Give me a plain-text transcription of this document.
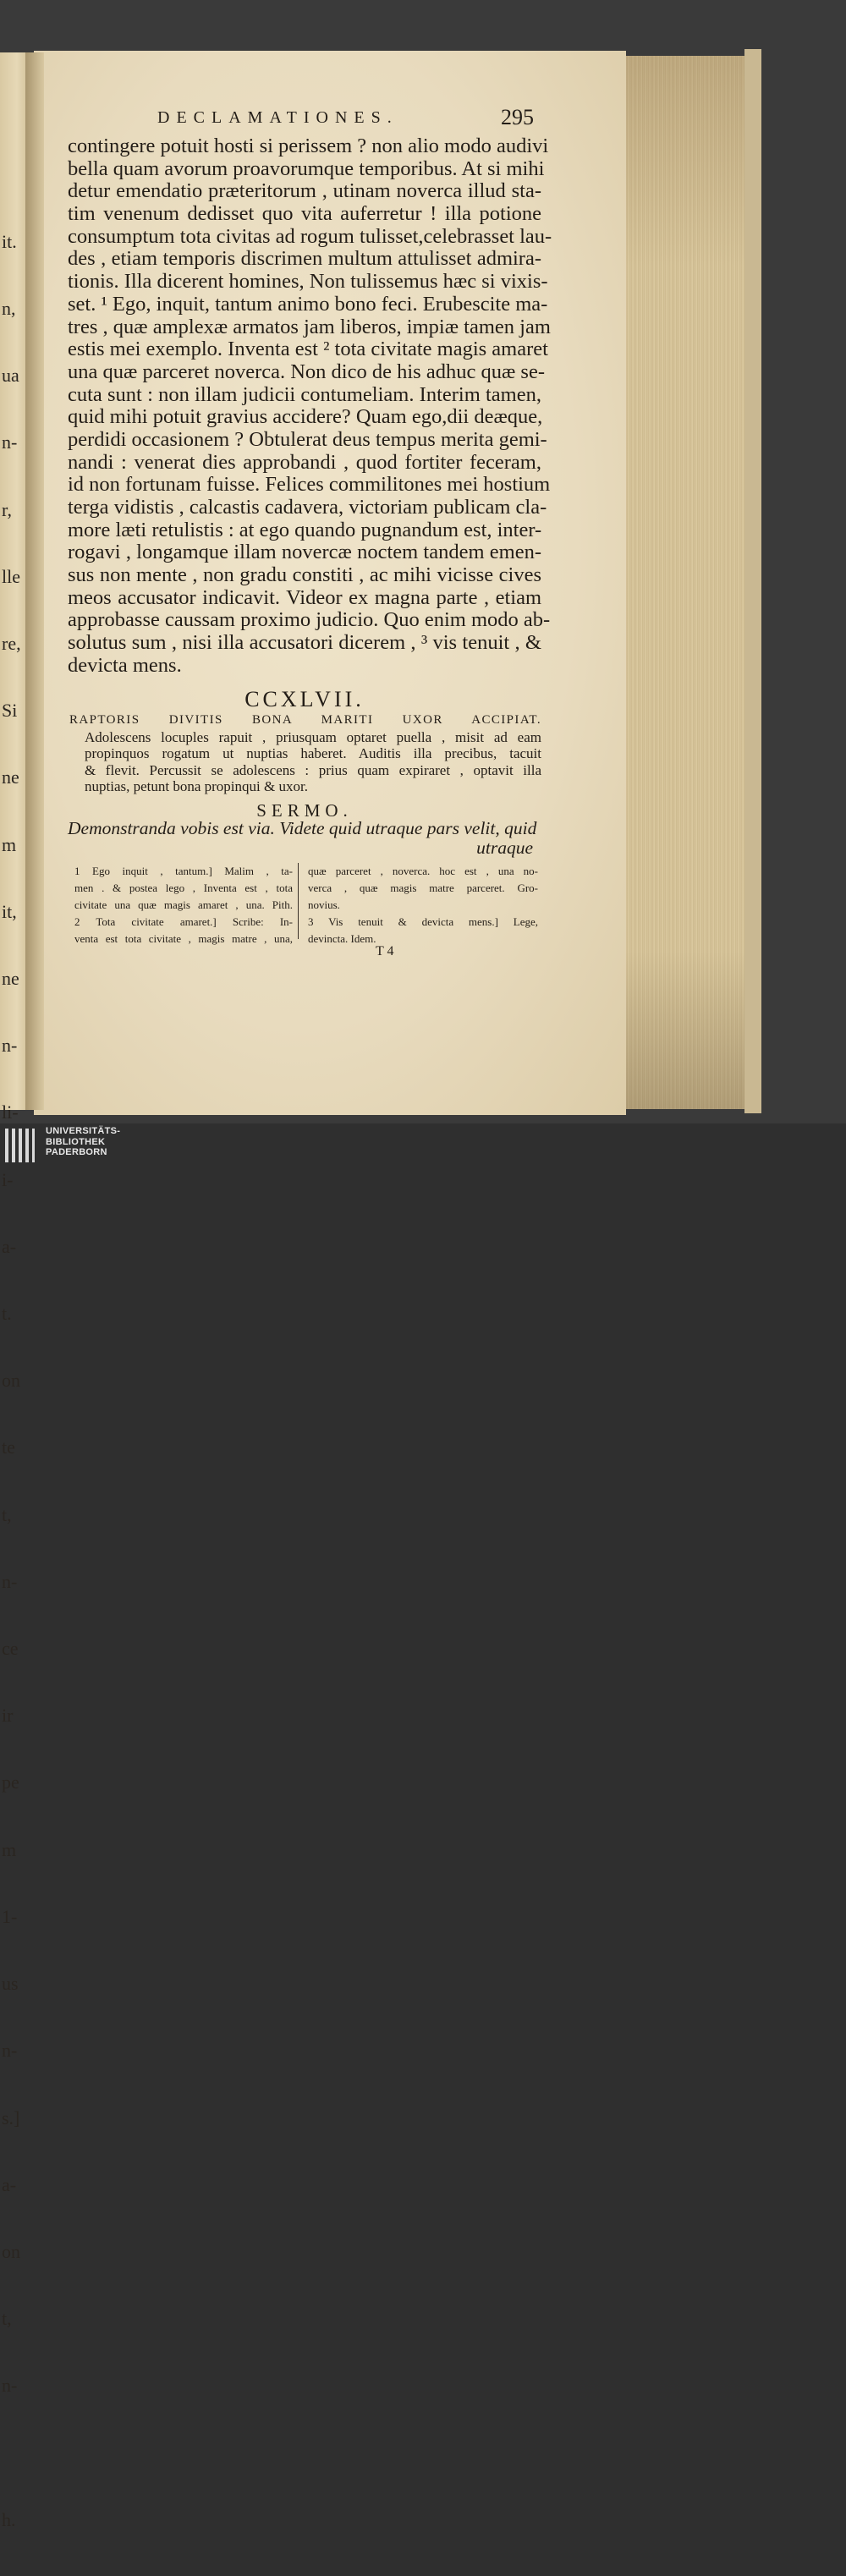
it.

n,

ua

n-

r,

lle

re,

Si

ne

m

it,

ne

n-

li-

i-

a-

t.

on

te

t,

n-

ce

ir

pe

m

1-

us

n-

s.]

a-

on

t,

n-

h.

DECLAMATIONES.	295
contingere potuit hosti si perissem ? non alio modo audivi
bella quam avorum proavorumque temporibus. At si mihi
detur emendatio præteritorum , utinam noverca illud sta-
tim venenum dedisset quo vita auferretur ! illa potione
consumptum tota civitas ad rogum tulisset,celebrasset lau-
des , etiam temporis discrimen multum attulisset admira-
tionis. Illa dicerent homines, Non tulissemus hæc si vixis-
set. ¹ Ego, inquit, tantum animo bono feci. Erubescite ma-
tres , quæ amplexæ armatos jam liberos, impiæ tamen jam
estis mei exemplo. Inventa est ² tota civitate magis amaret
una quæ parceret noverca. Non dico de his adhuc quæ se-
cuta sunt : non illam judicii contumeliam. Interim tamen,
quid mihi potuit gravius accidere? Quam ego,dii deæque,
perdidi occasionem ? Obtulerat deus tempus merita gemi-
nandi : venerat dies approbandi , quod fortiter feceram,
id non fortunam fuisse. Felices commilitones mei hostium
terga vidistis , calcastis cadavera, victoriam publicam cla-
more læti retulistis : at ego quando pugnandum est, inter-
rogavi , longamque illam novercæ noctem tandem emen-
sus non mente , non gradu constiti , ac mihi vicisse cives
meos accusator indicavit. Videor ex magna parte , etiam
approbasse caussam proximo judicio. Quo enim modo ab-
solutus sum , nisi illa accusatori dicerem , ³ vis tenuit , &
devicta mens.
CCXLVII.
RAPTORIS DIVITIS BONA MARITI UXOR ACCIPIAT.
Adolescens locuples rapuit , priusquam optaret puella , misit ad eam
propinquos rogatum ut nuptias haberet. Auditis illa precibus, tacuit
& flevit. Percussit se adolescens : prius quam expiraret , optavit illa
nuptias, petunt bona propinqui & uxor.
SERMO.
Demonstranda vobis est via. Videte quid utraque pars velit, quid
utraque
1 Ego inquit , tantum.] Malim , ta-
men . & postea lego , Inventa est , tota
civitate una quæ magis amaret , una. Pith.
2 Tota civitate amaret.] Scribe: In-
venta est tota civitate , magis matre , una,
quæ parceret , noverca. hoc est , una no-
verca , quæ magis matre parceret. Gro-
novius.
3 Vis tenuit & devicta mens.] Lege,
devincta. Idem.
T 4
UNIVERSITÄTS-
BIBLIOTHEK
PADERBORN
